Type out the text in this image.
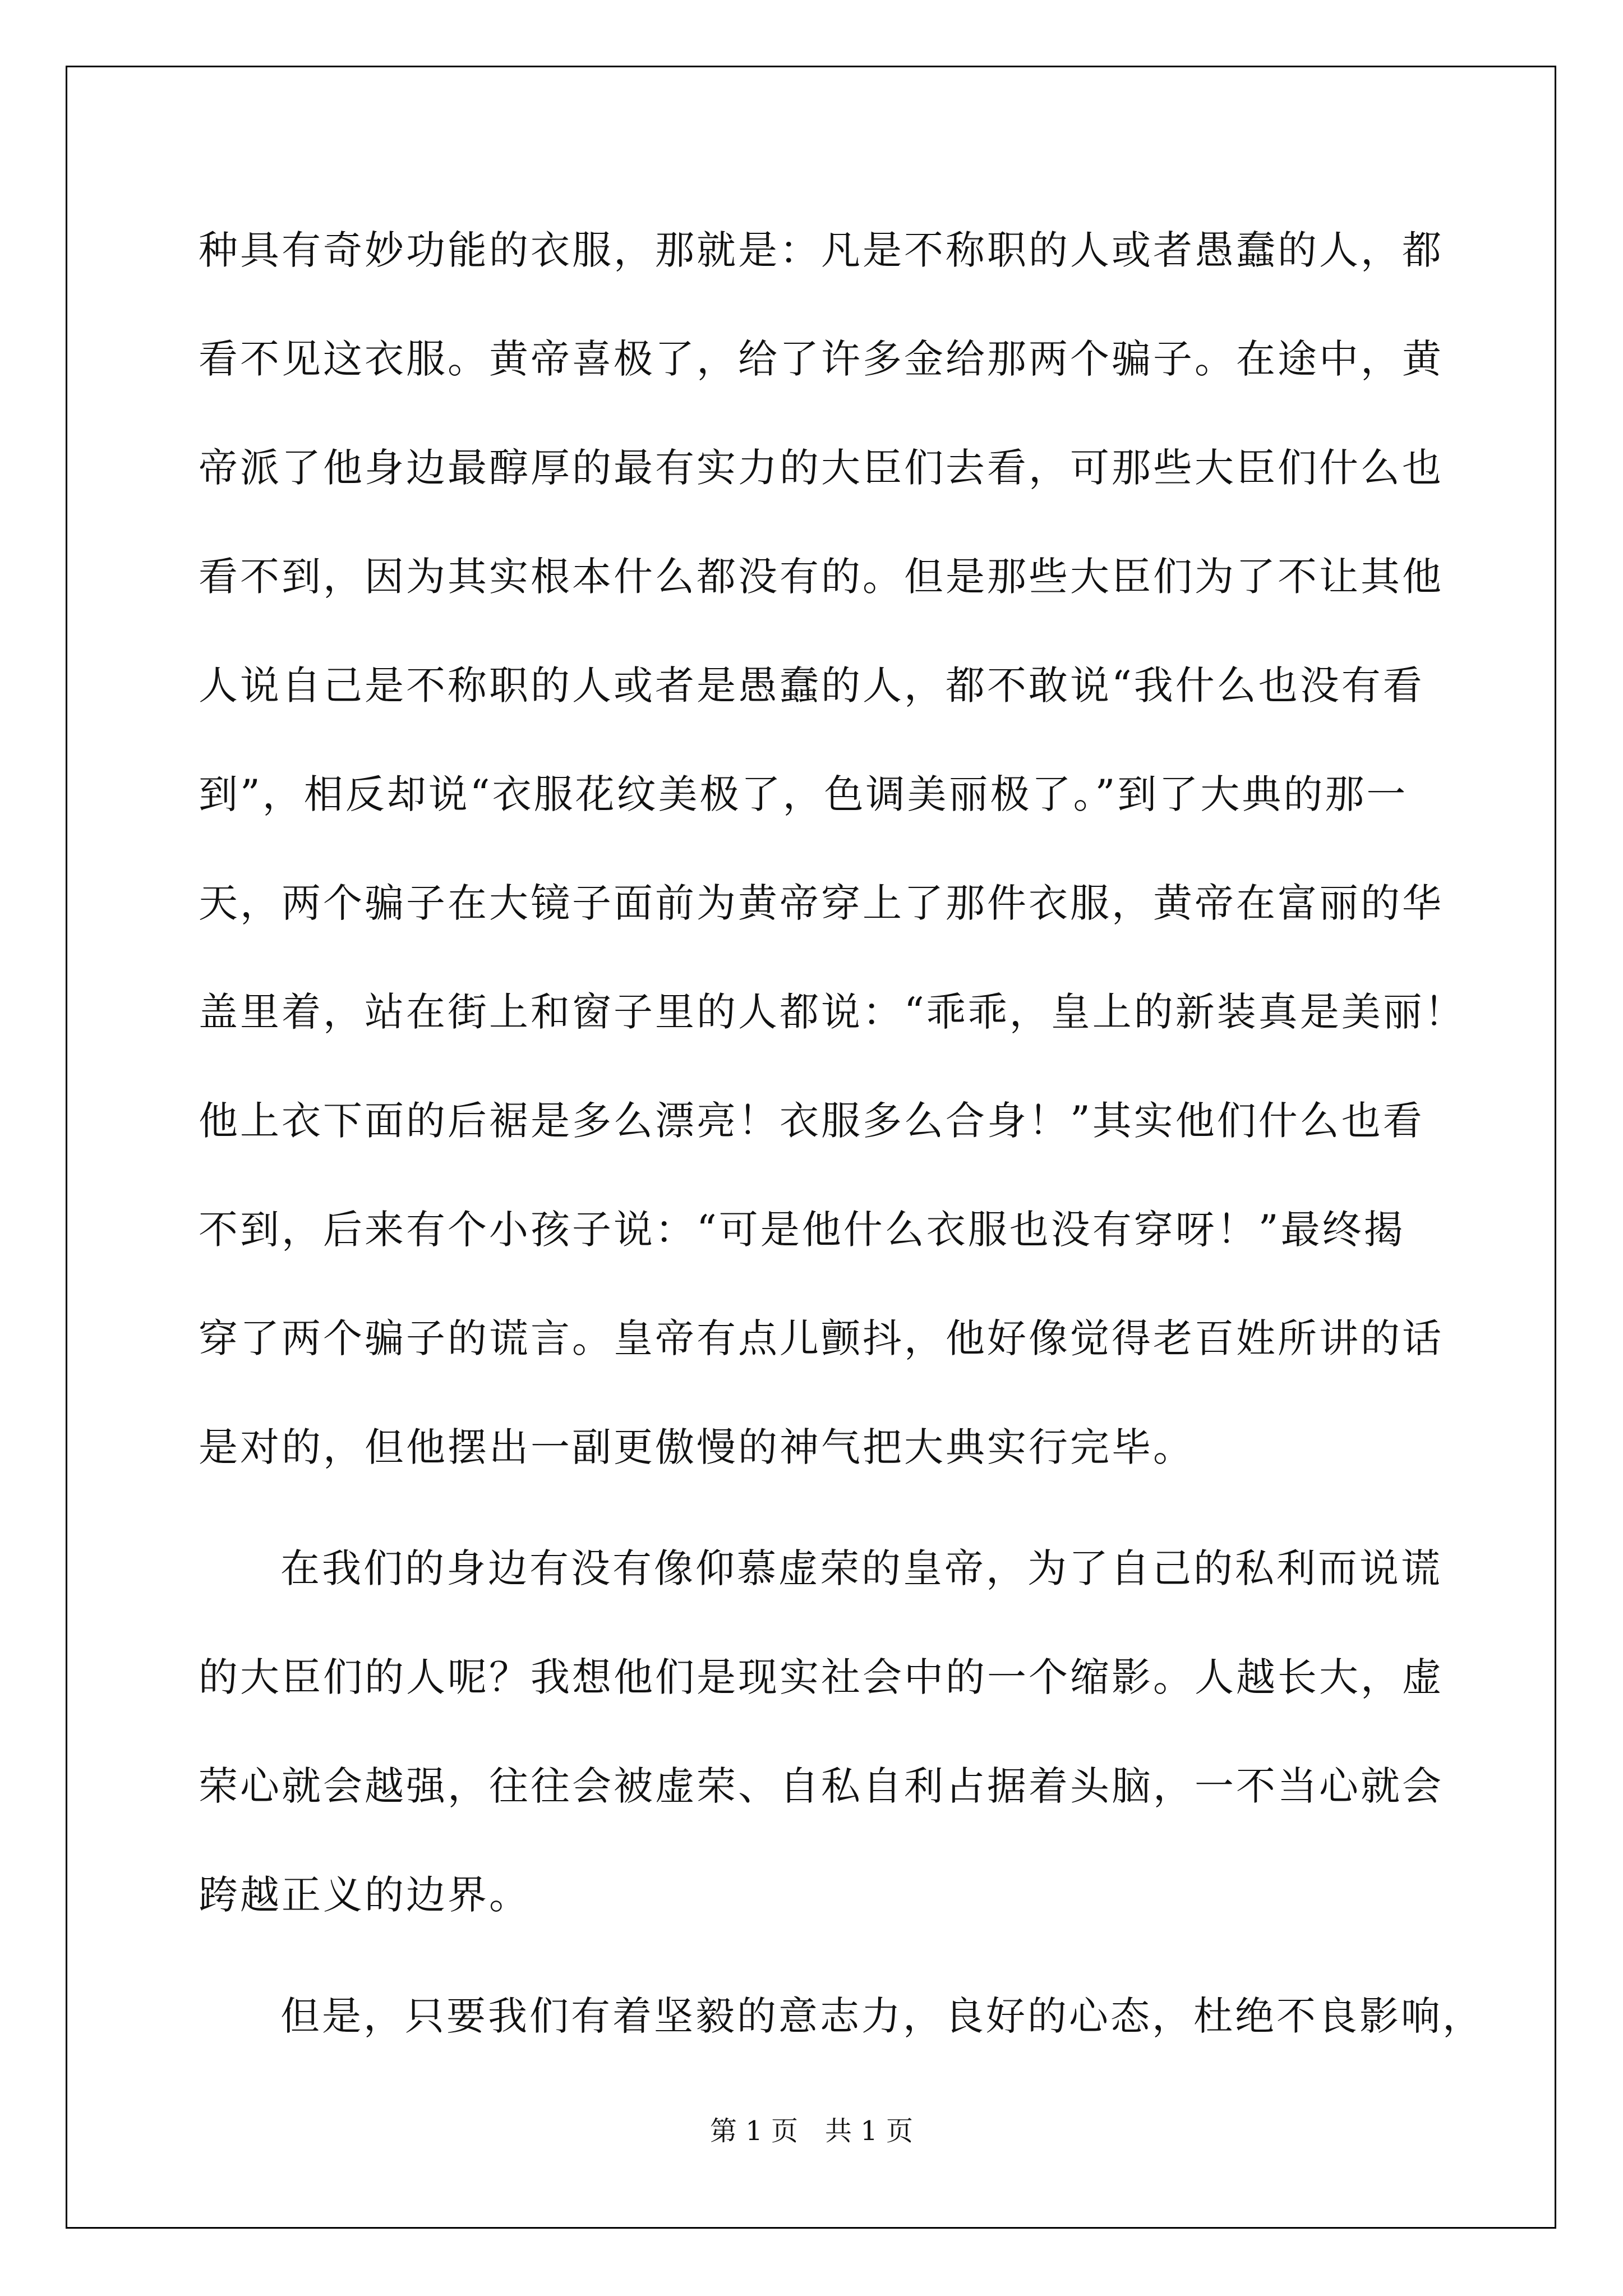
种具有奇妙功能的衣服，那就是：凡是不称职的人或者愚蠢的人，都
看不见这衣服。黄帝喜极了，给了许多金给那两个骗子。在途中，黄
帝派了他身边最醇厚的最有实力的大臣们去看，可那些大臣们什么也
看不到，因为其实根本什么都没有的。但是那些大臣们为了不让其他
人说自己是不称职的人或者是愚蠢的人，都不敢说“我什么也没有看
到”，相反却说“衣服花纹美极了，色调美丽极了。”到了大典的那一
天，两个骗子在大镜子面前为黄帝穿上了那件衣服，黄帝在富丽的华
盖里着，站在街上和窗子里的人都说：“乖乖，皇上的新装真是美丽！
他上衣下面的后裾是多么漂亮！衣服多么合身！”其实他们什么也看
不到，后来有个小孩子说：“可是他什么衣服也没有穿呀！”最终揭
穿了两个骗子的谎言。皇帝有点儿颤抖，他好像觉得老百姓所讲的话
是对的，但他摆出一副更傲慢的神气把大典实行完毕。
在我们的身边有没有像仰慕虚荣的皇帝，为了自己的私利而说谎
的大臣们的人呢？我想他们是现实社会中的一个缩影。人越长大，虚
荣心就会越强，往往会被虚荣、自私自利占据着头脑，一不当心就会
跨越正义的边界。
但是，只要我们有着坚毅的意志力，良好的心态，杜绝不良影响，
第 1 页　共 1 页
